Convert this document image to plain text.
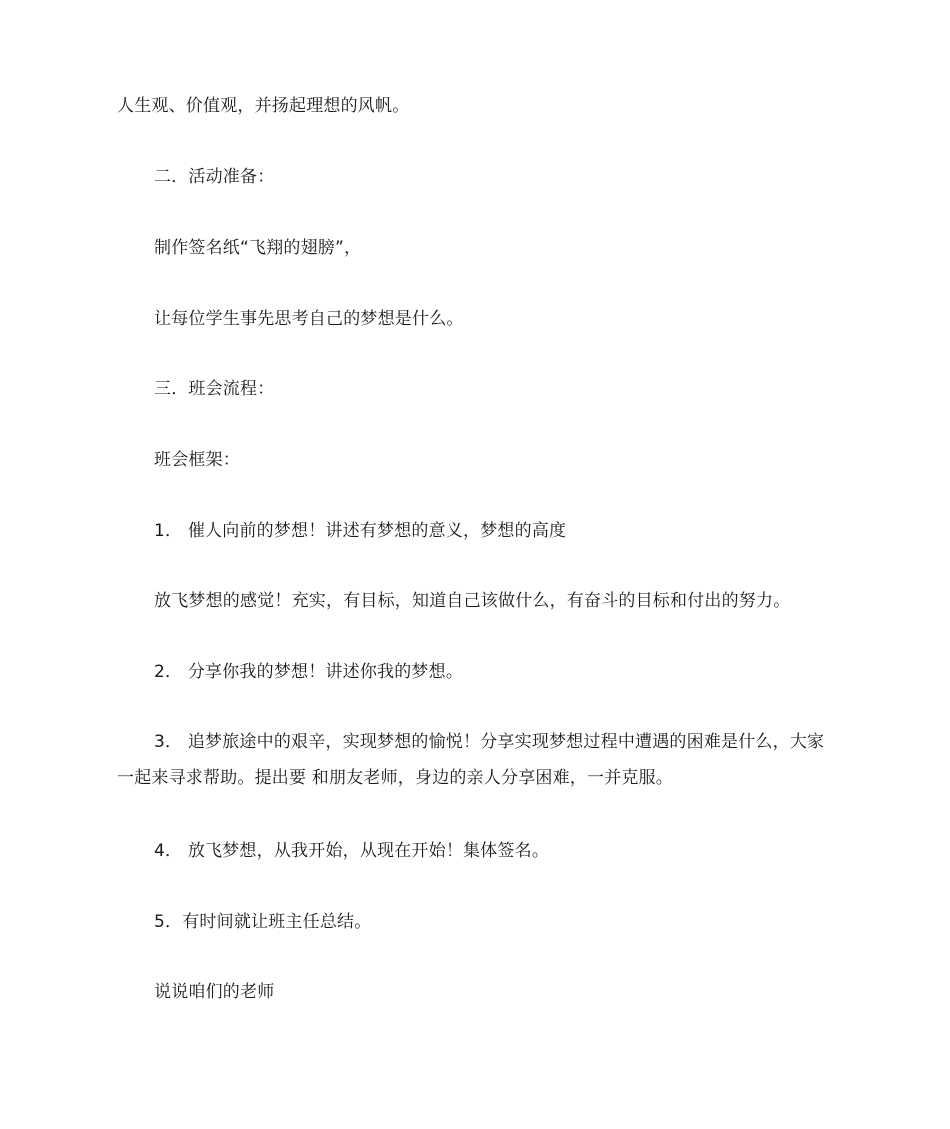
人生观、价值观，并扬起理想的风帆。

二．活动准备：

制作签名纸“飞翔的翅膀”，

让每位学生事先思考自己的梦想是什么。

三．班会流程：

班会框架：

1． 催人向前的梦想！讲述有梦想的意义，梦想的高度

放飞梦想的感觉！充实，有目标，知道自己该做什么，有奋斗的目标和付出的努力。

2． 分享你我的梦想！讲述你我的梦想。

3． 追梦旅途中的艰辛，实现梦想的愉悦！分享实现梦想过程中遭遇的困难是什么，大家一起来寻求帮助。提出要 和朋友老师，身边的亲人分享困难，一并克服。

4． 放飞梦想，从我开始，从现在开始！集体签名。

5．有时间就让班主任总结。

说说咱们的老师
